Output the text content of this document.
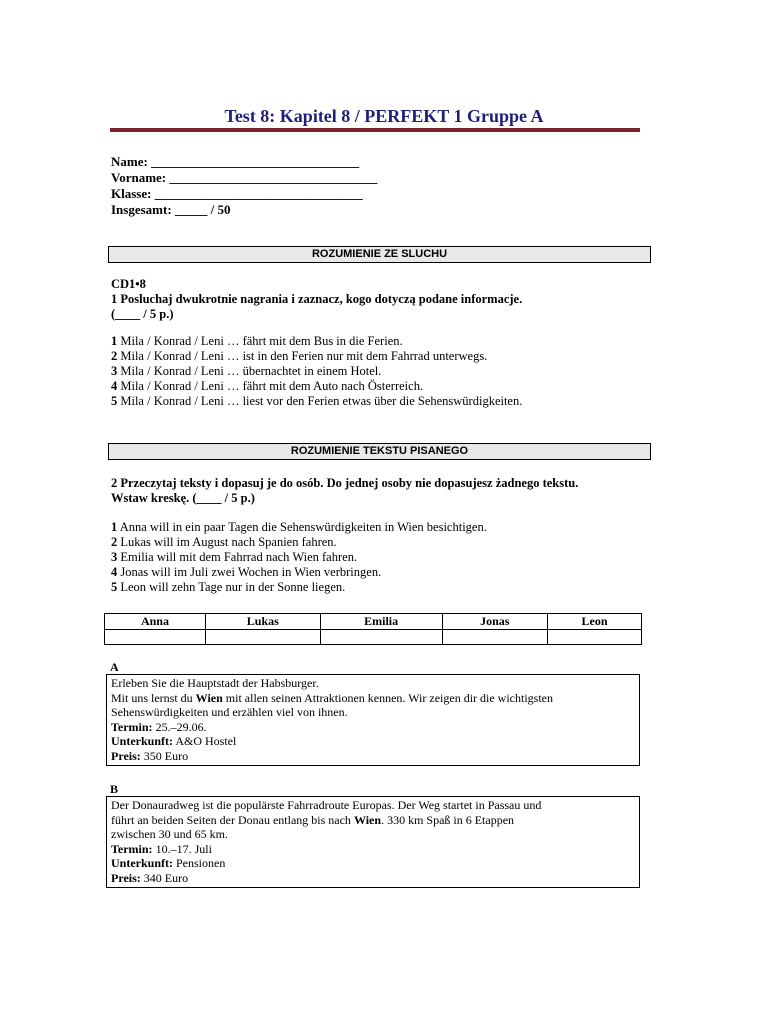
Test 8: Kapitel 8 / PERFEKT 1 Gruppe A
Name: ________________________________
Vorname: ________________________________
Klasse: ________________________________
Insgesamt: _____ / 50
ROZUMIENIE ZE SLUCHU
CD1•8
1 Posluchaj dwukrotnie nagrania i zaznacz, kogo dotyczą podane informacje.
(____ / 5 p.)
1 Mila / Konrad / Leni … fährt mit dem Bus in die Ferien.
2 Mila / Konrad / Leni … ist in den Ferien nur mit dem Fahrrad unterwegs.
3 Mila / Konrad / Leni … übernachtet in einem Hotel.
4 Mila / Konrad / Leni … fährt mit dem Auto nach Österreich.
5 Mila / Konrad / Leni … liest vor den Ferien etwas über die Sehenswürdigkeiten.
ROZUMIENIE TEKSTU PISANEGO
2 Przeczytaj teksty i dopasuj je do osób. Do jednej osoby nie dopasujesz żadnego tekstu.
Wstaw kreskę. (____ / 5 p.)
1 Anna will in ein paar Tagen die Sehenswürdigkeiten in Wien besichtigen.
2 Lukas will im August nach Spanien fahren.
3 Emilia will mit dem Fahrrad nach Wien fahren.
4 Jonas will im Juli zwei Wochen in Wien verbringen.
5 Leon will zehn Tage nur in der Sonne liegen.
Anna	Lukas	Emilia	Jonas	Leon

A
Erleben Sie die Hauptstadt der Habsburger.
Mit uns lernst du Wien mit allen seinen Attraktionen kennen. Wir zeigen dir die wichtigsten
Sehenswürdigkeiten und erzählen viel von ihnen.
Termin: 25.–29.06.
Unterkunft: A&O Hostel
Preis: 350 Euro
B
Der Donauradweg ist die populärste Fahrradroute Europas. Der Weg startet in Passau und
führt an beiden Seiten der Donau entlang bis nach Wien. 330 km Spaß in 6 Etappen
zwischen 30 und 65 km.
Termin: 10.–17. Juli
Unterkunft: Pensionen
Preis: 340 Euro
